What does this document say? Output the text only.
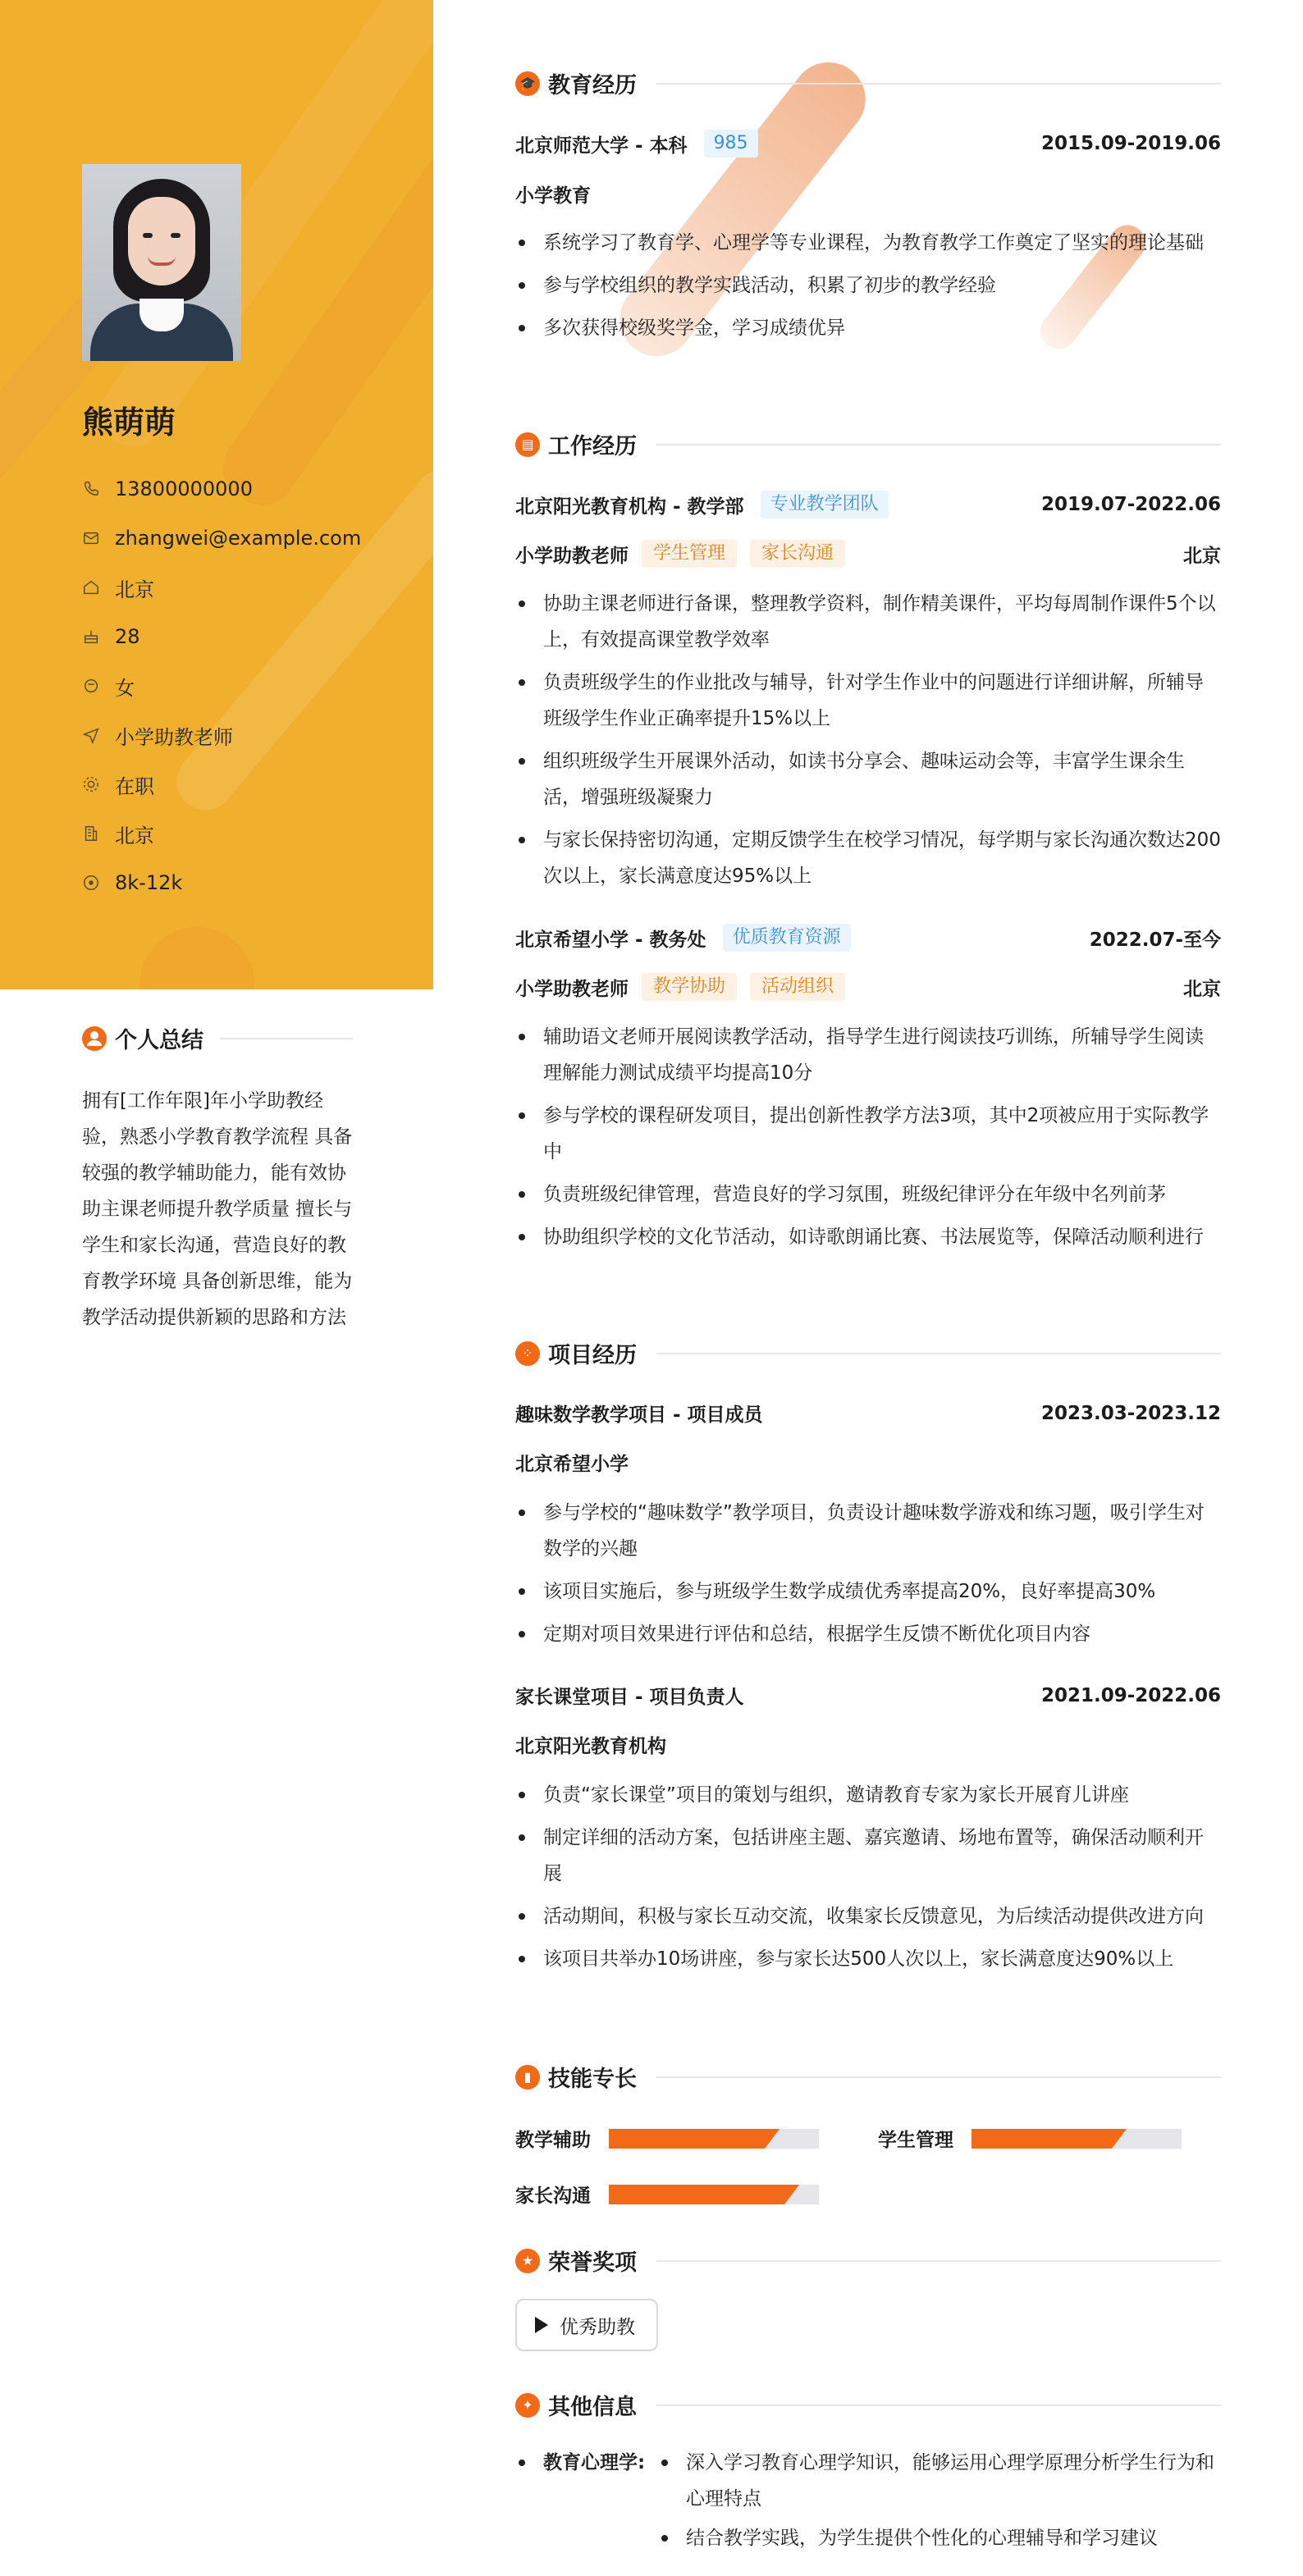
熊萌萌
13800000000
zhangwei@example.com
北京
28
女
小学助教老师
在职
北京
8k-12k
个人总结

拥有[工作年限]年小学助教经验，熟悉小学教育教学流程 具备较强的教学辅助能力，能有效协助主课老师提升教学质量 擅长与学生和家长沟通，营造良好的教育教学环境 具备创新思维，能为教学活动提供新颖的思路和方法

🎓 教育经历
北京师范大学 - 本科	985	2015.09-2019.06
小学教育
系统学习了教育学、心理学等专业课程，为教育教学工作奠定了坚实的理论基础
参与学校组织的教学实践活动，积累了初步的教学经验
多次获得校级奖学金，学习成绩优异
▤ 工作经历
北京阳光教育机构 - 教学部	专业教学团队	2019.07-2022.06
小学助教老师	学生管理	家长沟通	北京
协助主课老师进行备课，整理教学资料，制作精美课件，平均每周制作课件5个以上，有效提高课堂教学效率
负责班级学生的作业批改与辅导，针对学生作业中的问题进行详细讲解，所辅导班级学生作业正确率提升15%以上
组织班级学生开展课外活动，如读书分享会、趣味运动会等，丰富学生课余生活，增强班级凝聚力
与家长保持密切沟通，定期反馈学生在校学习情况，每学期与家长沟通次数达200次以上，家长满意度达95%以上
北京希望小学 - 教务处	优质教育资源	2022.07-至今
小学助教老师	教学协助	活动组织	北京
辅助语文老师开展阅读教学活动，指导学生进行阅读技巧训练，所辅导学生阅读理解能力测试成绩平均提高10分
参与学校的课程研发项目，提出创新性教学方法3项，其中2项被应用于实际教学中
负责班级纪律管理，营造良好的学习氛围，班级纪律评分在年级中名列前茅
协助组织学校的文化节活动，如诗歌朗诵比赛、书法展览等，保障活动顺利进行
⁘ 项目经历
趣味数学教学项目 - 项目成员	2023.03-2023.12
北京希望小学
参与学校的“趣味数学”教学项目，负责设计趣味数学游戏和练习题，吸引学生对数学的兴趣
该项目实施后，参与班级学生数学成绩优秀率提高20%，良好率提高30%
定期对项目效果进行评估和总结，根据学生反馈不断优化项目内容
家长课堂项目 - 项目负责人	2021.09-2022.06
北京阳光教育机构
负责“家长课堂”项目的策划与组织，邀请教育专家为家长开展育儿讲座
制定详细的活动方案，包括讲座主题、嘉宾邀请、场地布置等，确保活动顺利开展
活动期间，积极与家长互动交流，收集家长反馈意见，为后续活动提供改进方向
该项目共举办10场讲座，参与家长达500人次以上，家长满意度达90%以上
▮ 技能专长
教学辅助	学生管理
家长沟通
★ 荣誉奖项
优秀助教
✦ 其他信息
教育心理学:	深入学习教育心理学知识，能够运用心理学原理分析学生行为和心理特点
结合教学实践，为学生提供个性化的心理辅导和学习建议
